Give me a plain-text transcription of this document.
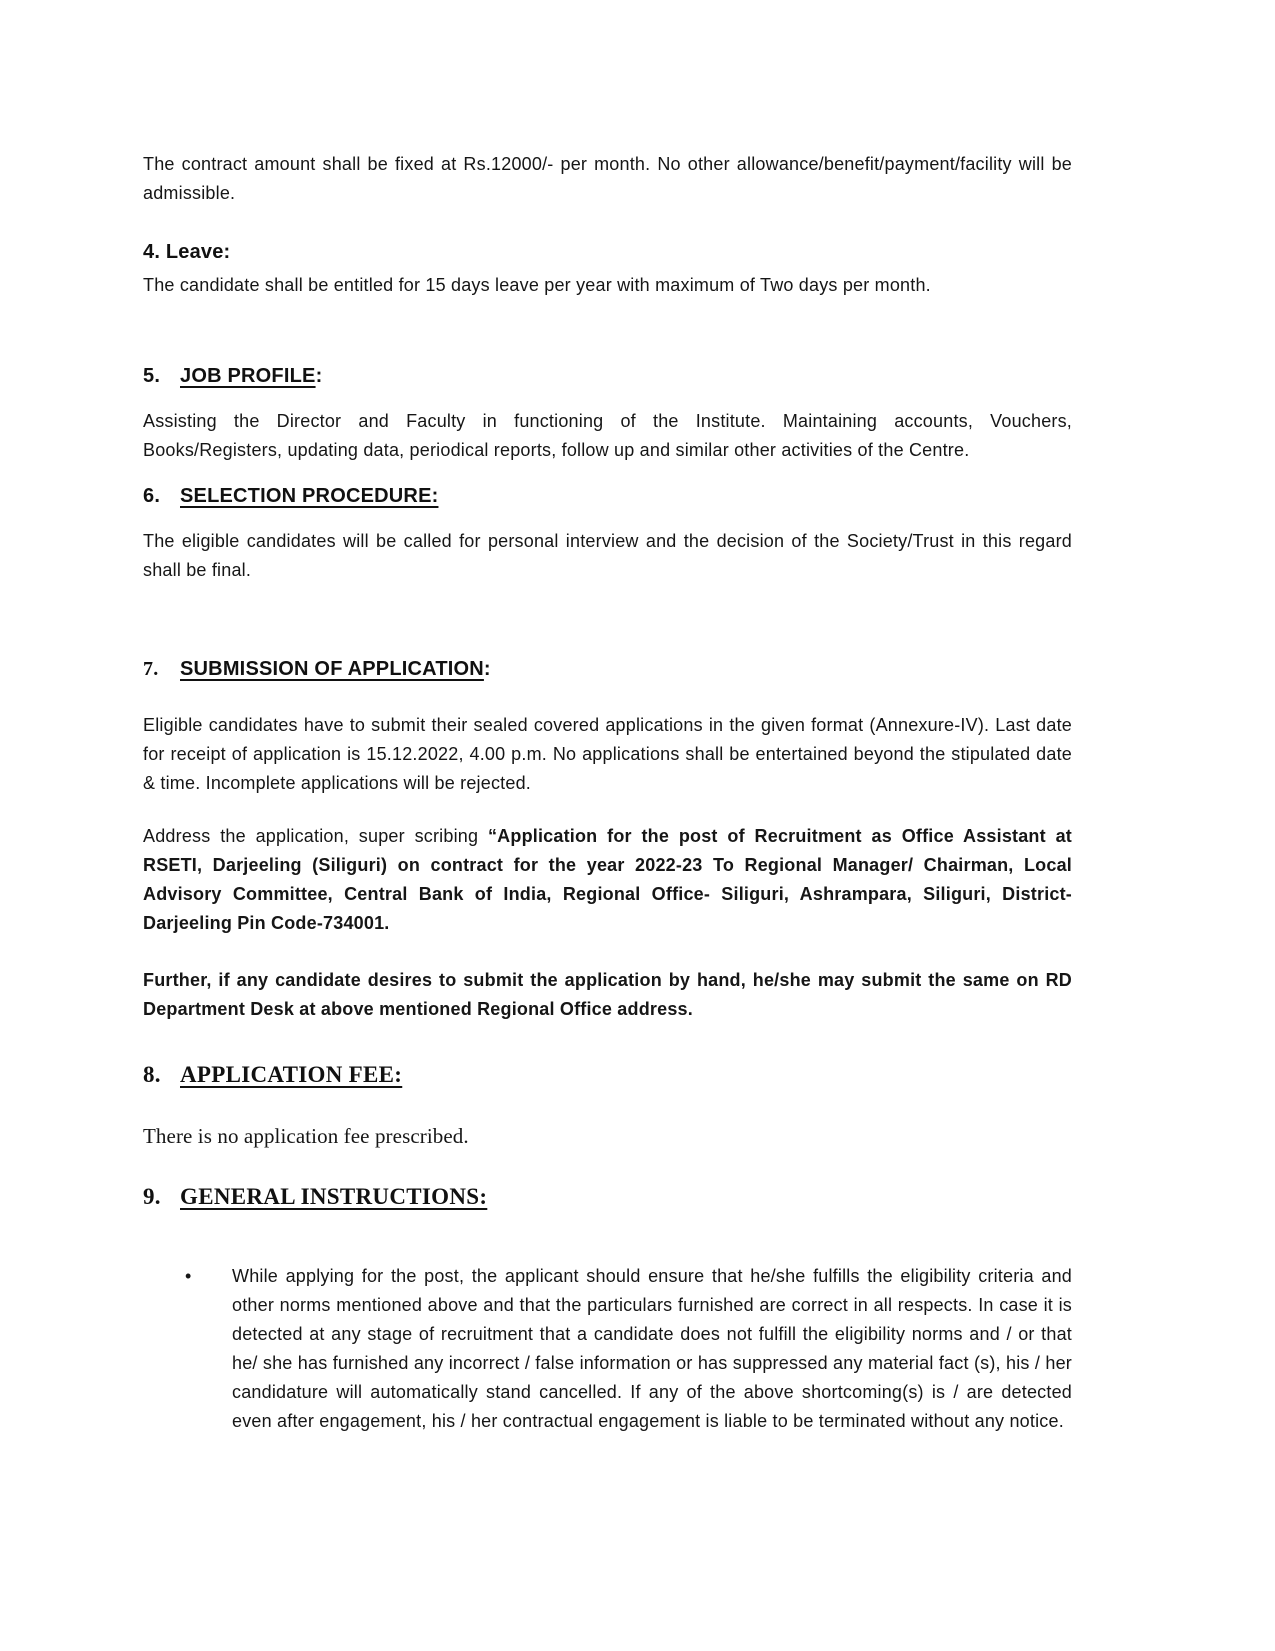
The contract amount shall be fixed at Rs.12000/- per month. No other allowance/benefit/payment/facility will be admissible.

4. Leave:

The candidate shall be entitled for 15 days leave per year with maximum of Two days per month.

5. JOB PROFILE:

Assisting the Director and Faculty in functioning of the Institute. Maintaining accounts, Vouchers, Books/Registers, updating data, periodical reports, follow up and similar other activities of the Centre.

6. SELECTION PROCEDURE:

The eligible candidates will be called for personal interview and the decision of the Society/Trust in this regard shall be final.

7. SUBMISSION OF APPLICATION:

Eligible candidates have to submit their sealed covered applications in the given format (Annexure-IV). Last date for receipt of application is 15.12.2022, 4.00 p.m. No applications shall be entertained beyond the stipulated date & time. Incomplete applications will be rejected.

Address the application, super scribing “Application for the post of Recruitment as Office Assistant at RSETI, Darjeeling (Siliguri) on contract for the year 2022-23 To Regional Manager/ Chairman, Local Advisory Committee, Central Bank of India, Regional Office- Siliguri, Ashrampara, Siliguri, District- Darjeeling Pin Code-734001.

Further, if any candidate desires to submit the application by hand, he/she may submit the same on RD Department Desk at above mentioned Regional Office address.

8. APPLICATION FEE:

There is no application fee prescribed.

9. GENERAL INSTRUCTIONS:
•	While applying for the post, the applicant should ensure that he/she fulfills the eligibility criteria and other norms mentioned above and that the particulars furnished are correct in all respects. In case it is detected at any stage of recruitment that a candidate does not fulfill the eligibility norms and / or that he/ she has furnished any incorrect / false information or has suppressed any material fact (s), his / her candidature will automatically stand cancelled. If any of the above shortcoming(s) is / are detected even after engagement, his / her contractual engagement is liable to be terminated without any notice.
